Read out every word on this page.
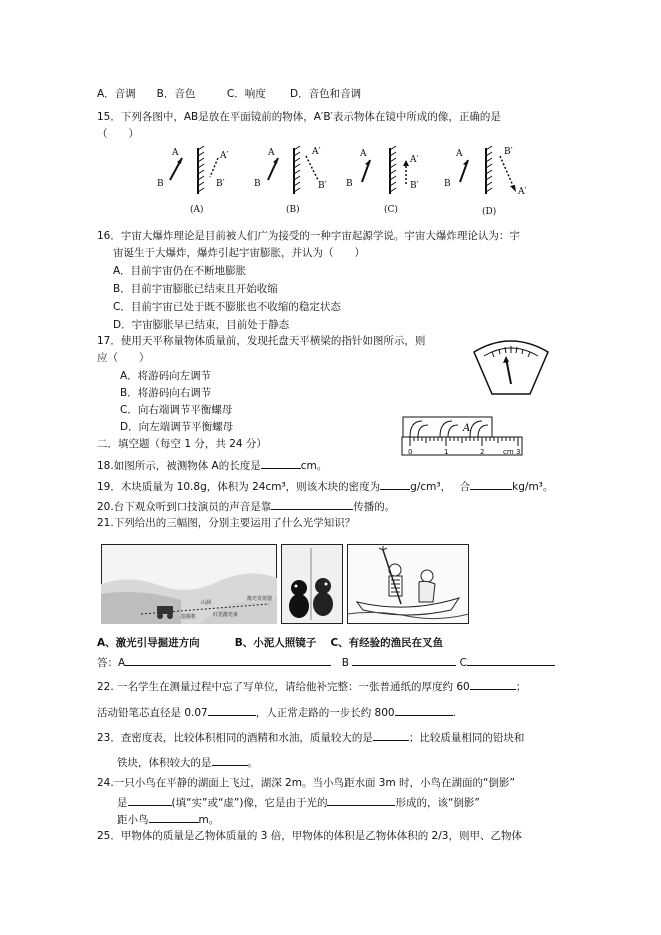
A．音调　　B．音色　　　C．响度　　 D．音色和音调
15．下列各图中，AB是放在平面镜前的物体，A′B′表示物体在镜中所成的像，正确的是
（　　）
A
B
A′
B′
(A)
A
B
A′
B′
(B)
A
B
A′
B′
(C)
A
B
B′
A′
(D)
16．宇宙大爆炸理论是目前被人们广为接受的一种宇宙起源学说。宇宙大爆炸理论认为：宇
宙诞生于大爆炸，爆炸引起宇宙膨胀，并认为（　　）
A．目前宇宙仍在不断地膨胀
B．目前宇宙膨胀已结束且开始收缩
C．目前宇宙已处于既不膨胀也不收缩的稳定状态
D．宇宙膨胀早已结束，目前处于静态
17．使用天平称量物体质量前，发现托盘天平横梁的指针如图所示，则
应（　　）
A．将游码向左调节
B．将游码向右调节
C．向右端调节平衡螺母
D．向左端调节平衡螺母
二．填空题（每空 1 分，共 24 分）
A
0	1	2	cm 3
18.如图所示，被测物体 A的长度是	cm。
19．木块质量为 10.8g，体积为 24cm³，则该木块的密度为	g/cm³，　 合	kg/m³。
20.台下观众听到口技演员的声音是靠	传播的。
21.下列给出的三幅图，分别主要运用了什么光学知识？
山洞
激光发射器
红光激光束
挖掘机
A、激光引导掘进方向　　　 B、小泥人照镜子　 C、有经验的渔民在叉鱼
答：A　	B	C
22. 一名学生在测量过程中忘了写单位，请给他补完整：一张普通纸的厚度约 60	；
活动铅笔芯直径是 0.07	，人正常走路的一步长约 800	.
23．查密度表，比较体积相同的酒精和水油，质量较大的是	；比较质量相同的铅块和
铁块，体积较大的是	。
24.一只小鸟在平静的湖面上飞过，湖深 2m。当小鸟距水面 3m 时，小鸟在湖面的“倒影”
是	(填“实”或“虚”)像，它是由于光的	形成的，该“倒影”
距小鸟	m。
25．甲物体的质量是乙物体质量的 3 倍，甲物体的体积是乙物体体积的 2/3，则甲、乙物体
